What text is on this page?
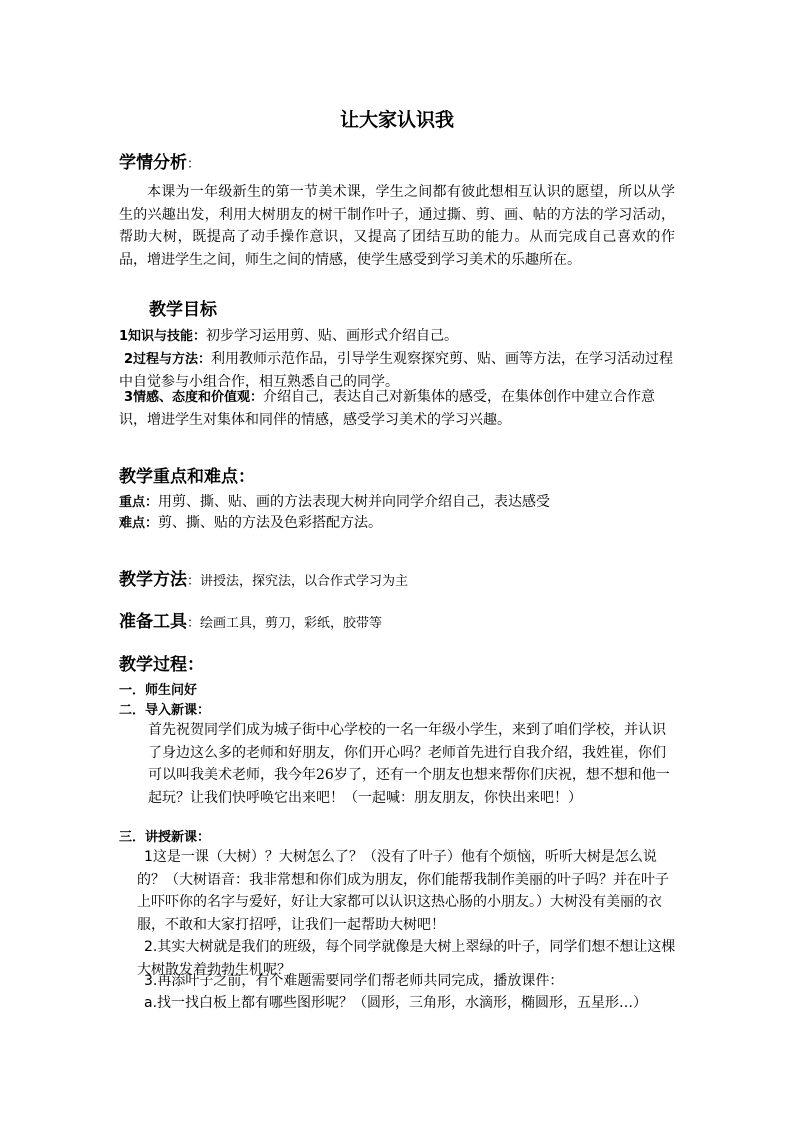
让大家认识我
学情分析：
本课为一年级新生的第一节美术课，学生之间都有彼此想相互认识的愿望，所以从学生的兴趣出发，利用大树朋友的树干制作叶子，通过撕、剪、画、帖的方法的学习活动，帮助大树，既提高了动手操作意识，又提高了团结互助的能力。从而完成自己喜欢的作品，增进学生之间，师生之间的情感，使学生感受到学习美术的乐趣所在。
教学目标
1知识与技能：初步学习运用剪、贴、画形式介绍自己。
2过程与方法：利用教师示范作品，引导学生观察探究剪、贴、画等方法，在学习活动过程中自觉参与小组合作，相互熟悉自己的同学。
3情感、态度和价值观：介绍自己，表达自己对新集体的感受，在集体创作中建立合作意识，增进学生对集体和同伴的情感，感受学习美术的学习兴趣。
教学重点和难点：
重点：用剪、撕、贴、画的方法表现大树并向同学介绍自己，表达感受
难点：剪、撕、贴的方法及色彩搭配方法。
教学方法：讲授法，探究法，以合作式学习为主
准备工具：绘画工具，剪刀，彩纸，胶带等
教学过程：
一．师生问好
二．导入新课：
首先祝贺同学们成为城子街中心学校的一名一年级小学生，来到了咱们学校，并认识了身边这么多的老师和好朋友，你们开心吗？老师首先进行自我介绍，我姓崔，你们可以叫我美术老师，我今年26岁了，还有一个朋友也想来帮你们庆祝，想不想和他一起玩？让我们快呼唤它出来吧！（一起喊：朋友朋友，你快出来吧！）
三．讲授新课：
1这是一课（大树）？大树怎么了？（没有了叶子）他有个烦恼，听听大树是怎么说的？（大树语音：我非常想和你们成为朋友，你们能帮我制作美丽的叶子吗？并在叶子上吓吓你的名字与爱好，好让大家都可以认识这热心肠的小朋友。）大树没有美丽的衣服，不敢和大家打招呼，让我们一起帮助大树吧！
2.其实大树就是我们的班级，每个同学就像是大树上翠绿的叶子，同学们想不想让这棵大树散发着勃勃生机呢？
3.再添叶子之前，有个难题需要同学们帮老师共同完成，播放课件：
a.找一找白板上都有哪些图形呢？（圆形，三角形，水滴形，椭圆形，五星形…）
